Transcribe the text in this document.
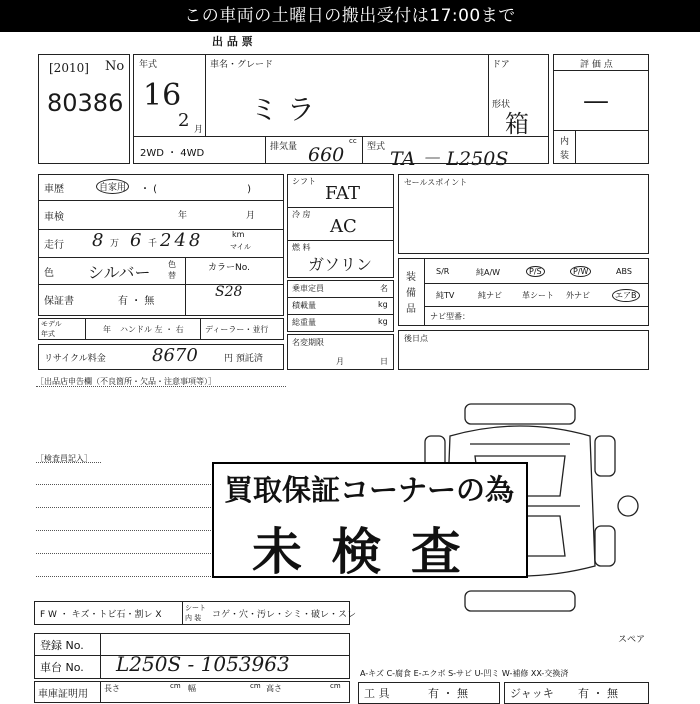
この車両の土曜日の搬出受付は17:00まで
出 品 票
[2010] No
80386
年式	車名・グレード	ドア
形状
16
2 月
ミ ラ	箱
2WD ・ 4WD
排気量
cc
型式
660 TA － L250S
評 価 点
—
内
装
車歴	自家用	・ (　　　　　　　　　)
車検	年	月
走行 8 万 6 千 248	km
マイル
色 シルバー 色
替
カラーNo.
S28
保証書	有 ・ 無
モデル
年式	年 ハンドル 左 ・ 右	ディーラー・並行
リサイクル料金	8670	円 預託済
シフト
FAT
冷 房
AC
燃 料
ガソリン
乗車定員	名
積載量	kg
総重量	kg
名変期限
月	日
セールスポイント
装
備
品
S/R	純A/W	P/S	P/W	ABS
純TV	純ナビ	革シート 外ナビ	エアB
ナビ型番：
後日点
［出品店申告欄（不良箇所・欠品・注意事項等）］
［検査員記入］
スペア
買取保証コーナーの為
未 検 査
F W ・ キズ・トビ石・割レ X
シート
内 装 コゲ・穴・汚レ・シミ・破レ・スレ
登録 No.
車台 No. L250S - 1053963
車庫証明用
長さ	cm 幅	cm 高さ	cm
A-キズ C-腐食 E-エクボ S-サビ U-凹ミ W-補修 XX-交換済
工 具	有 ・ 無	ジャッキ 有 ・ 無
